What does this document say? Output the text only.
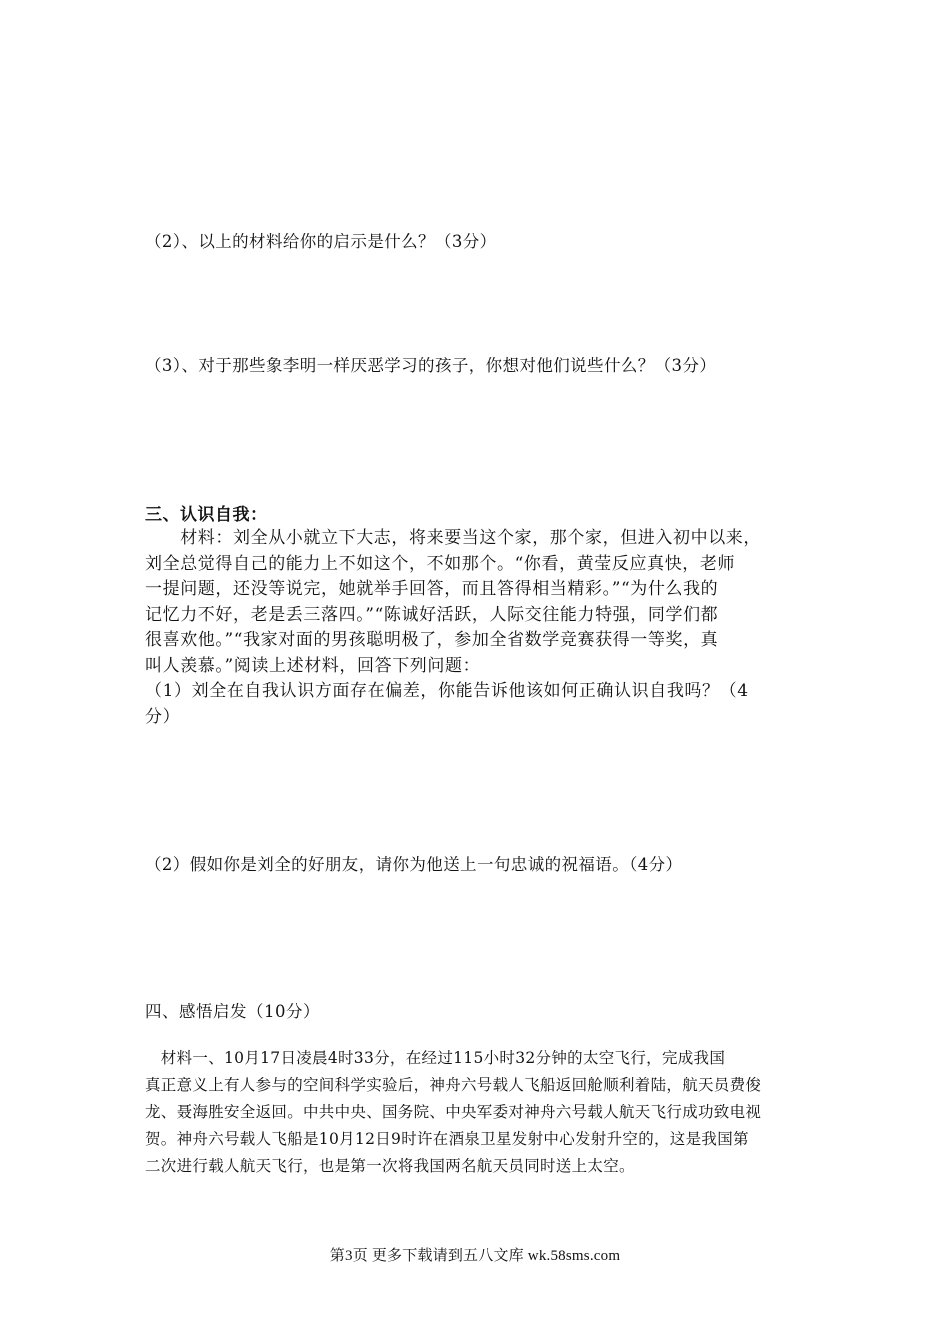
（2）、以上的材料给你的启示是什么？（3分）
（3）、对于那些象李明一样厌恶学习的孩子，你想对他们说些什么？（3分）
三、认识自我：
　　材料：刘全从小就立下大志，将来要当这个家，那个家，但进入初中以来，
刘全总觉得自己的能力上不如这个，不如那个。“你看，黄莹反应真快，老师
一提问题，还没等说完，她就举手回答，而且答得相当精彩。”“为什么我的
记忆力不好，老是丢三落四。”“陈诚好活跃，人际交往能力特强，同学们都
很喜欢他。”“我家对面的男孩聪明极了，参加全省数学竞赛获得一等奖，真
叫人羡慕。”阅读上述材料，回答下列问题：
（1）刘全在自我认识方面存在偏差，你能告诉他该如何正确认识自我吗？（4
分）
（2）假如你是刘全的好朋友，请你为他送上一句忠诚的祝福语。（4分）
四、感悟启发（10分）
　材料一、10月17日凌晨4时33分，在经过115小时32分钟的太空飞行，完成我国
真正意义上有人参与的空间科学实验后，神舟六号载人飞船返回舱顺利着陆，航天员费俊
龙、聂海胜安全返回。中共中央、国务院、中央军委对神舟六号载人航天飞行成功致电视
贺。神舟六号载人飞船是10月12日9时许在酒泉卫星发射中心发射升空的，这是我国第
二次进行载人航天飞行，也是第一次将我国两名航天员同时送上太空。
第3页 更多下载请到五八文库 wk.58sms.com
